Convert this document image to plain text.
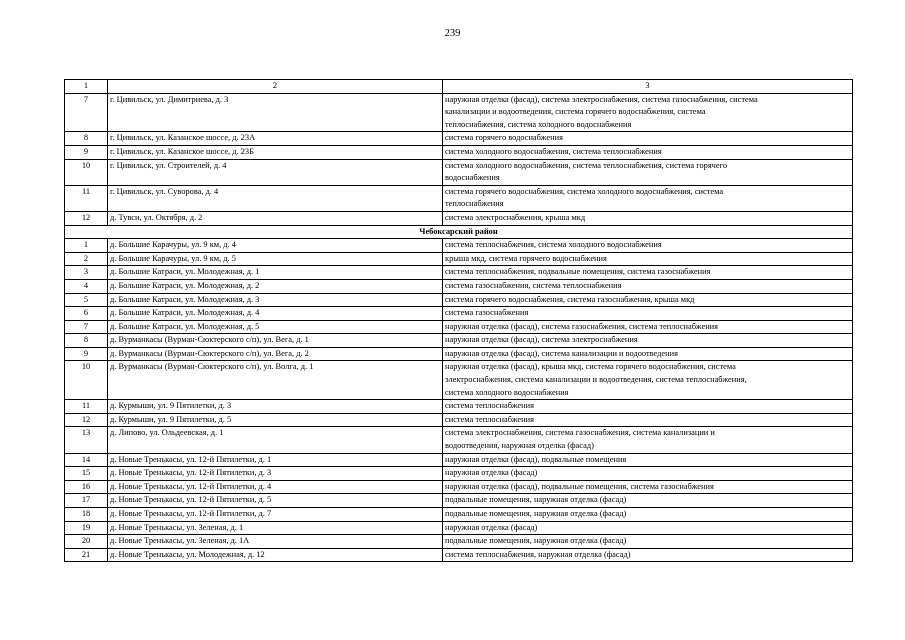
239
1	2	3
7	г. Цивильск, ул. Димитриева, д. 3	наружная отделка (фасад), система электроснабжения, система газоснабжения, система
канализации и водоотведения, система горячего водоснабжения, система
теплоснабжения, система холодного водоснабжения

8	г. Цивильск, ул. Казанское шоссе, д. 23А	система горячего водоснабжения

9	г. Цивильск, ул. Казанское шоссе, д. 23Б	система холодного водоснабжения, система теплоснабжения

10	г. Цивильск, ул. Строителей, д. 4	система холодного водоснабжения, система теплоснабжения, система горячего
водоснабжения

11	г. Цивильск, ул. Суворова, д. 4	система горячего водоснабжения, система холодного водоснабжения, система
теплоснабжения

12	д. Тувси, ул. Октября, д. 2	система электроснабжения, крыша мкд

Чебоксарский район		
1	д. Большие Карачуры, ул. 9 км, д. 4	система теплоснабжения, система холодного водоснабжения

2	д. Большие Карачуры, ул. 9 км, д. 5	крыша мкд, система горячего водоснабжения

3	д. Большие Катраси, ул. Молодежная, д. 1	система теплоснабжения, подвальные помещения, система газоснабжения

4	д. Большие Катраси, ул. Молодежная, д. 2	система газоснабжения, система теплоснабжения

5	д. Большие Катраси, ул. Молодежная, д. 3	система горячего водоснабжения, система газоснабжения, крыша мкд

6	д. Большие Катраси, ул. Молодежная, д. 4	система газоснабжения

7	д. Большие Катраси, ул. Молодежная, д. 5	наружная отделка (фасад), система газоснабжения, система теплоснабжения

8	д. Вурманкасы (Вурман-Сюктерского с/п), ул. Вега, д. 1	наружная отделка (фасад), система электроснабжения

9	д. Вурманкасы (Вурман-Сюктерского с/п), ул. Вега, д. 2	наружная отделка (фасад), система канализации и водоотведения

10	д. Вурманкасы (Вурман-Сюктерского с/п), ул. Волга, д. 1	наружная отделка (фасад), крыша мкд, система горячего водоснабжения, система
электроснабжения, система канализации и водоотведения, система теплоснабжения,
система холодного водоснабжения

11	д. Курмыши, ул. 9 Пятилетки, д. 3	система теплоснабжения

12	д. Курмыши, ул. 9 Пятилетки, д. 5	система теплоснабжения

13	д. Липово, ул. Ольдеевская, д. 1	система электроснабжения, система газоснабжения, система канализации и
водоотведения, наружная отделка (фасад)

14	д. Новые Тренькасы, ул. 12-й Пятилетки, д. 1	наружная отделка (фасад), подвальные помещения

15	д. Новые Тренькасы, ул. 12-й Пятилетки, д. 3	наружная отделка (фасад)

16	д. Новые Тренькасы, ул. 12-й Пятилетки, д. 4	наружная отделка (фасад), подвальные помещения, система газоснабжения

17	д. Новые Тренькасы, ул. 12-й Пятилетки, д. 5	подвальные помещения, наружная отделка (фасад)

18	д. Новые Тренькасы, ул. 12-й Пятилетки, д. 7	подвальные помещения, наружная отделка (фасад)

19	д. Новые Тренькасы, ул. Зеленая, д. 1	наружная отделка (фасад)

20	д. Новые Тренькасы, ул. Зеленая, д. 1А	подвальные помещения, наружная отделка (фасад)

21	д. Новые Тренькасы, ул. Молодежная, д. 12	система теплоснабжения, наружная отделка (фасад)
